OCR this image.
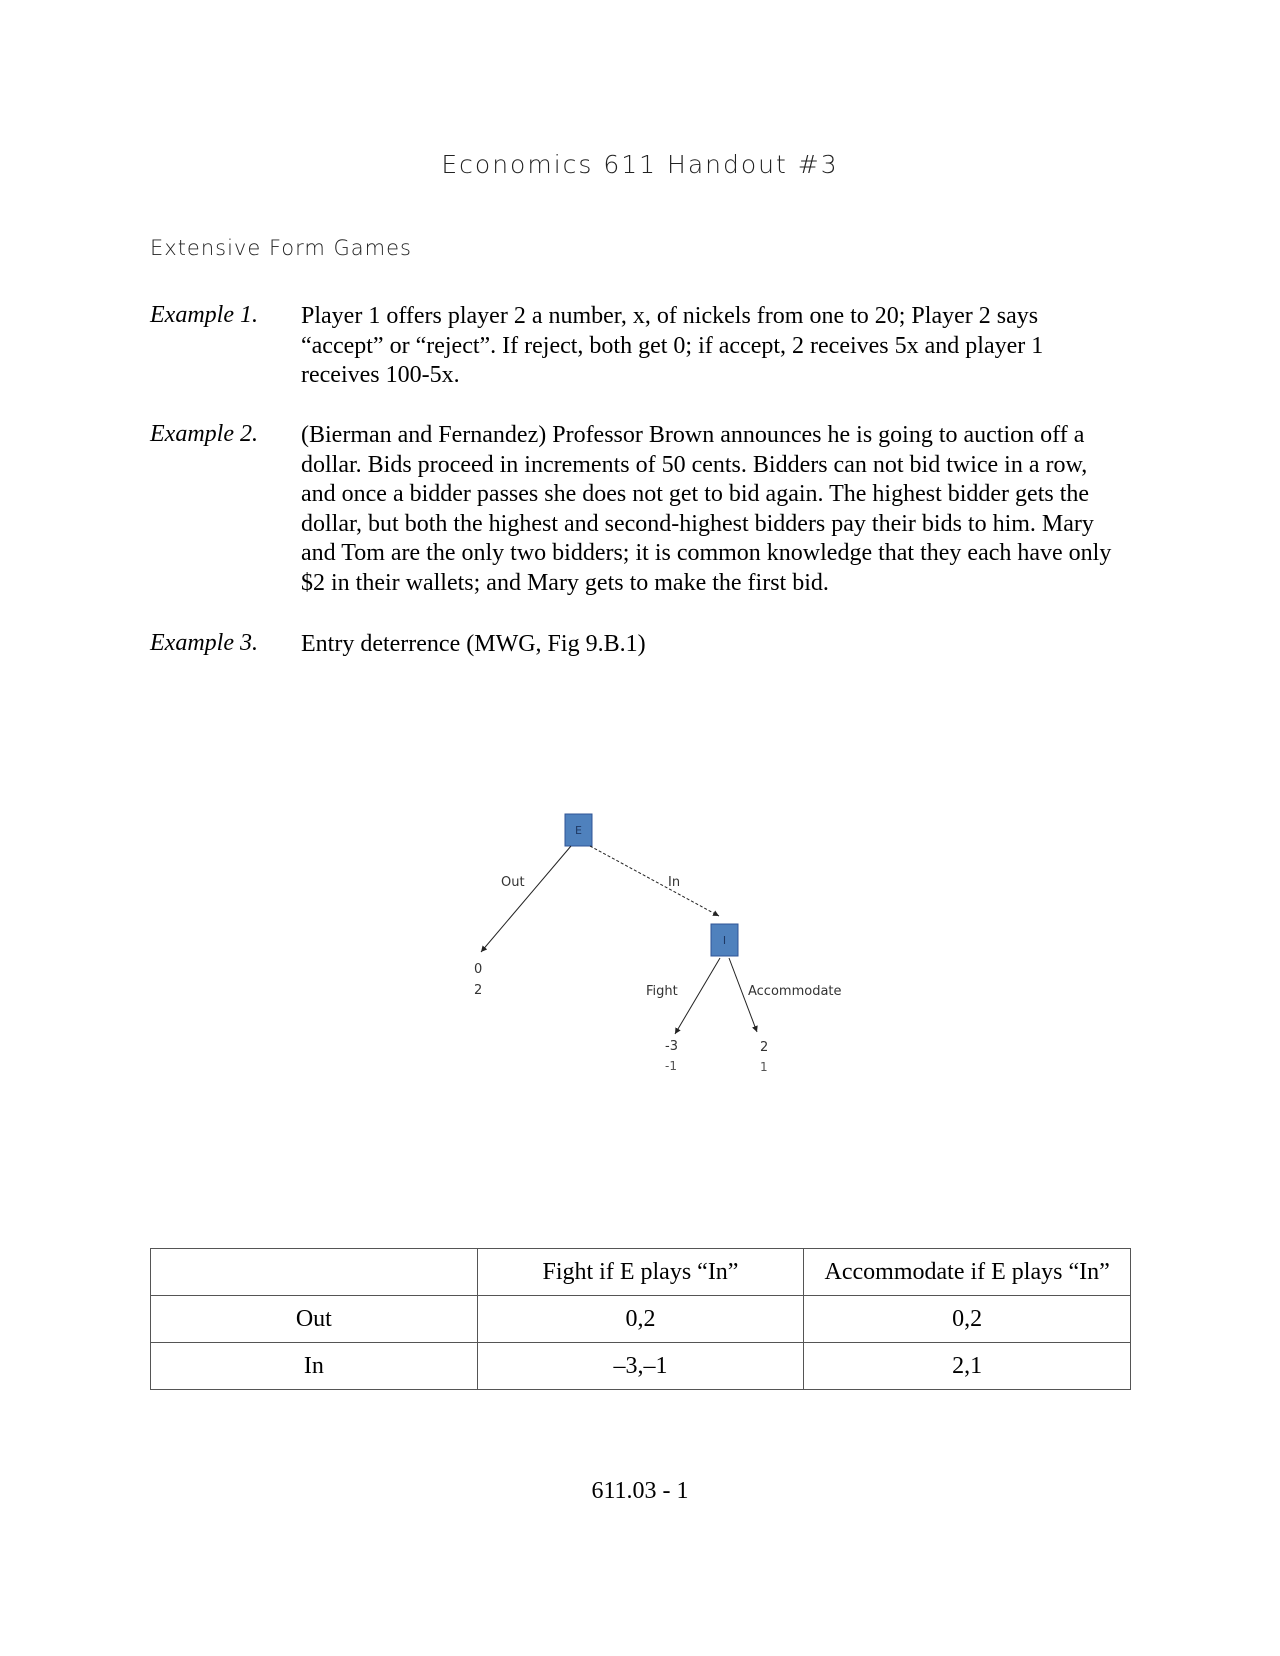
Economics 611 Handout #3
Extensive Form Games
Example 1. Player 1 offers player 2 a number, x, of nickels from one to 20; Player 2 says “accept” or “reject”. If reject, both get 0; if accept, 2 receives 5x and player 1 receives 100-5x.

Example 2. (Bierman and Fernandez) Professor Brown announces he is going to auction off a dollar. Bids proceed in increments of 50 cents. Bidders can not bid twice in a row, and once a bidder passes she does not get to bid again. The highest bidder gets the dollar, but both the highest and second-highest bidders pay their bids to him. Mary and Tom are the only two bidders; it is common knowledge that they each have only $2 in their wallets; and Mary gets to make the first bid.

Example 3. Entry deterrence (MWG, Fig 9.B.1)

E
Out
0
2
In
I
Fight
-3
-1
Accommodate
2
1
	Fight if E plays “In”	Accommodate if E plays “In”
Out	0,2	0,2
In	–3,–1	2,1
611.03 - 1
